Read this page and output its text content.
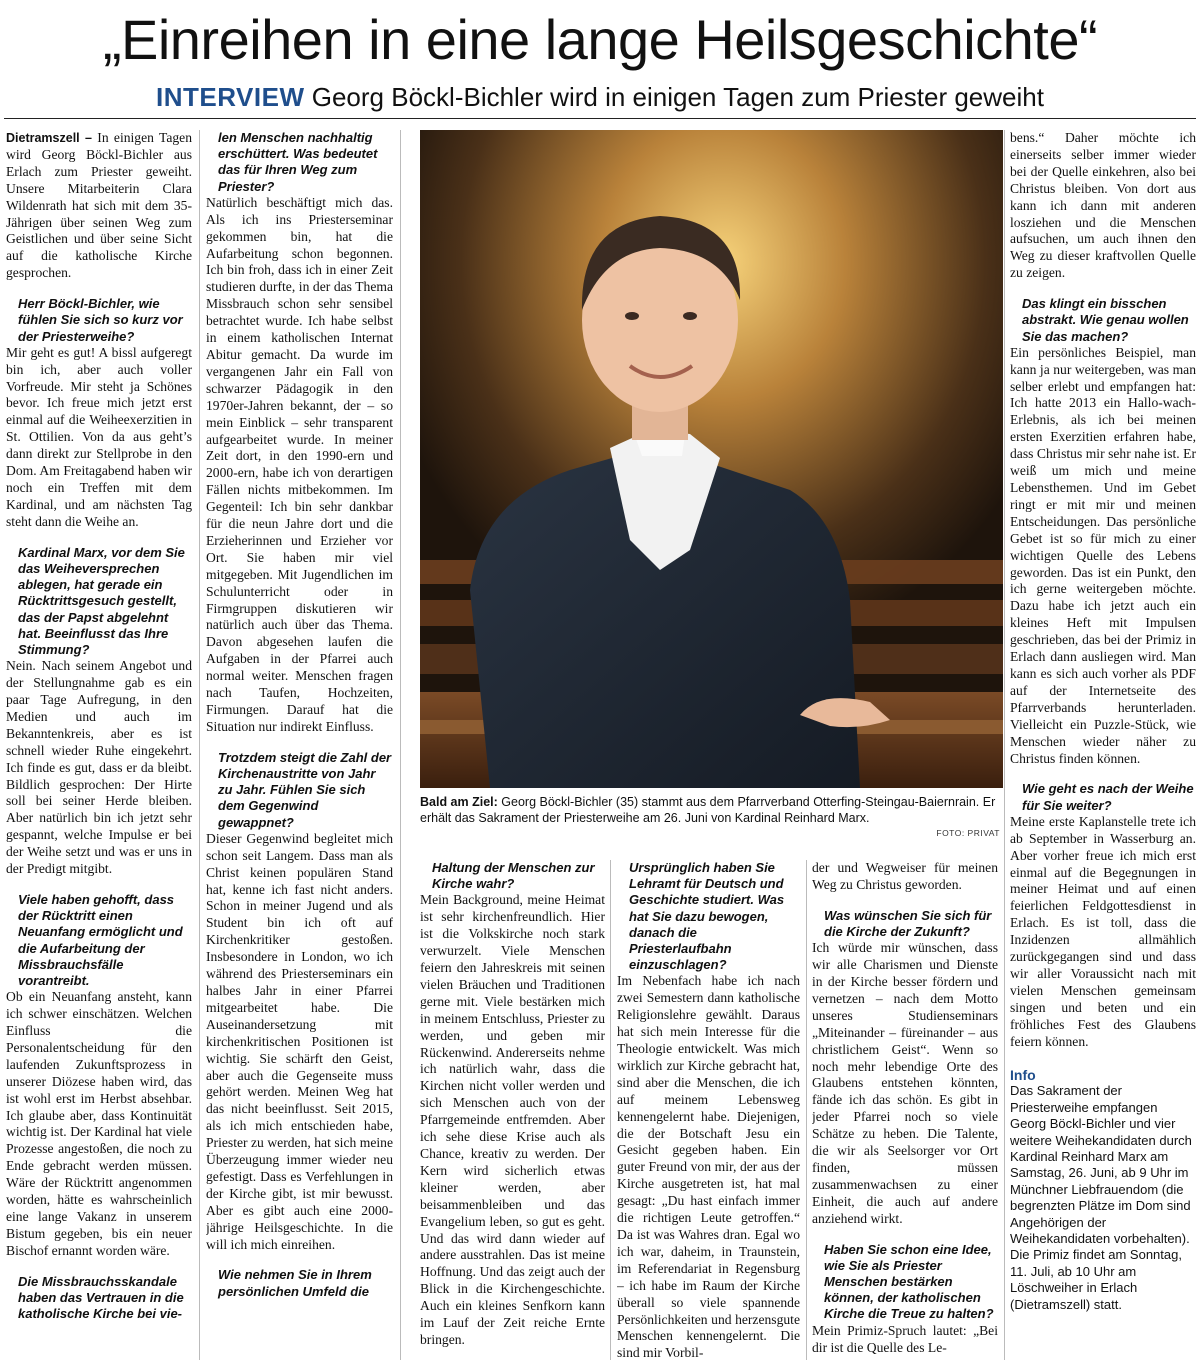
„Einreihen in eine lange Heilsgeschichte“
INTERVIEW Georg Böckl-Bichler wird in einigen Tagen zum Priester geweiht

Dietramszell – In einigen Tagen wird Georg Böckl-Bichler aus Erlach zum Priester geweiht. Unsere Mitarbeiterin Clara Wildenrath hat sich mit dem 35-Jährigen über seinen Weg zum Geistlichen und über seine Sicht auf die katholische Kirche gesprochen.

Herr Böckl-Bichler, wie fühlen Sie sich so kurz vor der Priesterweihe?

Mir geht es gut! A bissl aufgeregt bin ich, aber auch voller Vorfreude. Mir steht ja Schönes bevor. Ich freue mich jetzt erst einmal auf die Weiheexerzitien in St. Ottilien. Von da aus geht’s dann direkt zur Stellprobe in den Dom. Am Freitagabend haben wir noch ein Treffen mit dem Kardinal, und am nächsten Tag steht dann die Weihe an.

Kardinal Marx, vor dem Sie das Weiheversprechen ablegen, hat gerade ein Rücktrittsgesuch gestellt, das der Papst abgelehnt hat. Beeinflusst das Ihre Stimmung?

Nein. Nach seinem Angebot und der Stellungnahme gab es ein paar Tage Aufregung, in den Medien und auch im Bekanntenkreis, aber es ist schnell wieder Ruhe eingekehrt. Ich finde es gut, dass er da bleibt. Bildlich gesprochen: Der Hirte soll bei seiner Herde bleiben. Aber natürlich bin ich jetzt sehr gespannt, welche Impulse er bei der Weihe setzt und was er uns in der Predigt mitgibt.

Viele haben gehofft, dass der Rücktritt einen Neuanfang ermöglicht und die Aufarbeitung der Missbrauchsfälle vorantreibt.

Ob ein Neuanfang ansteht, kann ich schwer einschätzen. Welchen Einfluss die Personalentscheidung für den laufenden Zukunftsprozess in unserer Diözese haben wird, das ist wohl erst im Herbst absehbar. Ich glaube aber, dass Kontinuität wichtig ist. Der Kardinal hat viele Prozesse angestoßen, die noch zu Ende gebracht werden müssen. Wäre der Rücktritt angenommen worden, hätte es wahrscheinlich eine lange Vakanz in unserem Bistum gegeben, bis ein neuer Bischof ernannt worden wäre.

Die Missbrauchsskandale haben das Vertrauen in die katholische Kirche bei vie-

len Menschen nachhaltig erschüttert. Was bedeutet das für Ihren Weg zum Priester?

Natürlich beschäftigt mich das. Als ich ins Priesterseminar gekommen bin, hat die Aufarbeitung schon begonnen. Ich bin froh, dass ich in einer Zeit studieren durfte, in der das Thema Missbrauch schon sehr sensibel betrachtet wurde. Ich habe selbst in einem katholischen Internat Abitur gemacht. Da wurde im vergangenen Jahr ein Fall von schwarzer Pädagogik in den 1970er-Jahren bekannt, der – so mein Einblick – sehr transparent aufgearbeitet wurde. In meiner Zeit dort, in den 1990-ern und 2000-ern, habe ich von derartigen Fällen nichts mitbekommen. Im Gegenteil: Ich bin sehr dankbar für die neun Jahre dort und die Erzieherinnen und Erzieher vor Ort. Sie haben mir viel mitgegeben. Mit Jugendlichen im Schulunterricht oder in Firmgruppen diskutieren wir natürlich auch über das Thema. Davon abgesehen laufen die Aufgaben in der Pfarrei auch normal weiter. Menschen fragen nach Taufen, Hochzeiten, Firmungen. Darauf hat die Situation nur indirekt Einfluss.

Trotzdem steigt die Zahl der Kirchenaustritte von Jahr zu Jahr. Fühlen Sie sich dem Gegenwind gewappnet?

Dieser Gegenwind begleitet mich schon seit Langem. Dass man als Christ keinen populären Stand hat, kenne ich fast nicht anders. Schon in meiner Jugend und als Student bin ich oft auf Kirchenkritiker gestoßen. Insbesondere in London, wo ich während des Priesterseminars ein halbes Jahr in einer Pfarrei mitgearbeitet habe. Die Auseinandersetzung mit kirchenkritischen Positionen ist wichtig. Sie schärft den Geist, aber auch die Gegenseite muss gehört werden. Meinen Weg hat das nicht beeinflusst. Seit 2015, als ich mich entschieden habe, Priester zu werden, hat sich meine Überzeugung immer wieder neu gefestigt. Dass es Verfehlungen in der Kirche gibt, ist mir bewusst. Aber es gibt auch eine 2000-jährige Heilsgeschichte. In die will ich mich einreihen.

Wie nehmen Sie in Ihrem persönlichen Umfeld die

Bald am Ziel: Georg Böckl-Bichler (35) stammt aus dem Pfarrverband Otterfing-Steingau-Baiernrain. Er erhält das Sakrament der Priesterweihe am 26. Juni von Kardinal Reinhard Marx.
FOTO: PRIVAT

Haltung der Menschen zur Kirche wahr?

Mein Background, meine Heimat ist sehr kirchenfreundlich. Hier ist die Volkskirche noch stark verwurzelt. Viele Menschen feiern den Jahreskreis mit seinen vielen Bräuchen und Traditionen gerne mit. Viele bestärken mich in meinem Entschluss, Priester zu werden, und geben mir Rückenwind. Andererseits nehme ich natürlich wahr, dass die Kirchen nicht voller werden und sich Menschen auch von der Pfarrgemeinde entfremden. Aber ich sehe diese Krise auch als Chance, kreativ zu werden. Der Kern wird sicherlich etwas kleiner werden, aber beisammenbleiben und das Evangelium leben, so gut es geht. Und das wird dann wieder auf andere ausstrahlen. Das ist meine Hoffnung. Und das zeigt auch der Blick in die Kirchengeschichte. Auch ein kleines Senfkorn kann im Lauf der Zeit reiche Ernte bringen.

Ursprünglich haben Sie Lehramt für Deutsch und Geschichte studiert. Was hat Sie dazu bewogen, danach die Priesterlaufbahn einzuschlagen?

Im Nebenfach habe ich nach zwei Semestern dann katholische Religionslehre gewählt. Daraus hat sich mein Interesse für die Theologie entwickelt. Was mich wirklich zur Kirche gebracht hat, sind aber die Menschen, die ich auf meinem Lebensweg kennengelernt habe. Diejenigen, die der Botschaft Jesu ein Gesicht gegeben haben. Ein guter Freund von mir, der aus der Kirche ausgetreten ist, hat mal gesagt: „Du hast einfach immer die richtigen Leute getroffen.“ Da ist was Wahres dran. Egal wo ich war, daheim, in Traunstein, im Referendariat in Regensburg – ich habe im Raum der Kirche überall so viele spannende Persönlichkeiten und herzensgute Menschen kennengelernt. Die sind mir Vorbil-

der und Wegweiser für meinen Weg zu Christus geworden.

Was wünschen Sie sich für die Kirche der Zukunft?

Ich würde mir wünschen, dass wir alle Charismen und Dienste in der Kirche besser fördern und vernetzen – nach dem Motto unseres Studienseminars „Miteinander – füreinander – aus christlichem Geist“. Wenn so noch mehr lebendige Orte des Glaubens entstehen könnten, fände ich das schön. Es gibt in jeder Pfarrei noch so viele Schätze zu heben. Die Talente, die wir als Seelsorger vor Ort finden, müssen zusammenwachsen zu einer Einheit, die auch auf andere anziehend wirkt.

Haben Sie schon eine Idee, wie Sie als Priester Menschen bestärken können, der katholischen Kirche die Treue zu halten?

Mein Primiz-Spruch lautet: „Bei dir ist die Quelle des Le-

bens.“ Daher möchte ich einerseits selber immer wieder bei der Quelle einkehren, also bei Christus bleiben. Von dort aus kann ich dann mit anderen losziehen und die Menschen aufsuchen, um auch ihnen den Weg zu dieser kraftvollen Quelle zu zeigen.

Das klingt ein bisschen abstrakt. Wie genau wollen Sie das machen?

Ein persönliches Beispiel, man kann ja nur weitergeben, was man selber erlebt und empfangen hat: Ich hatte 2013 ein Hallo-wach-Erlebnis, als ich bei meinen ersten Exerzitien erfahren habe, dass Christus mir sehr nahe ist. Er weiß um mich und meine Lebensthemen. Und im Gebet ringt er mit mir und meinen Entscheidungen. Das persönliche Gebet ist so für mich zu einer wichtigen Quelle des Lebens geworden. Das ist ein Punkt, den ich gerne weitergeben möchte. Dazu habe ich jetzt auch ein kleines Heft mit Impulsen geschrieben, das bei der Primiz in Erlach dann ausliegen wird. Man kann es sich auch vorher als PDF auf der Internetseite des Pfarrverbands herunterladen. Vielleicht ein Puzzle-Stück, wie Menschen wieder näher zu Christus finden können.

Wie geht es nach der Weihe für Sie weiter?

Meine erste Kaplanstelle trete ich ab September in Wasserburg an. Aber vorher freue ich mich erst einmal auf die Begegnungen in meiner Heimat und auf einen feierlichen Feldgottesdienst in Erlach. Es ist toll, dass die Inzidenzen allmählich zurückgegangen sind und dass wir aller Voraussicht nach mit vielen Menschen gemeinsam singen und beten und ein fröhliches Fest des Glaubens feiern können.

Info

Das Sakrament der Priesterweihe empfangen Georg Böckl-Bichler und vier weitere Weihekandidaten durch Kardinal Reinhard Marx am Samstag, 26. Juni, ab 9 Uhr im Münchner Liebfrauendom (die begrenzten Plätze im Dom sind Angehörigen der Weihekandidaten vorbehalten). Die Primiz findet am Sonntag, 11. Juli, ab 10 Uhr am Löschweiher in Erlach (Dietramszell) statt.
